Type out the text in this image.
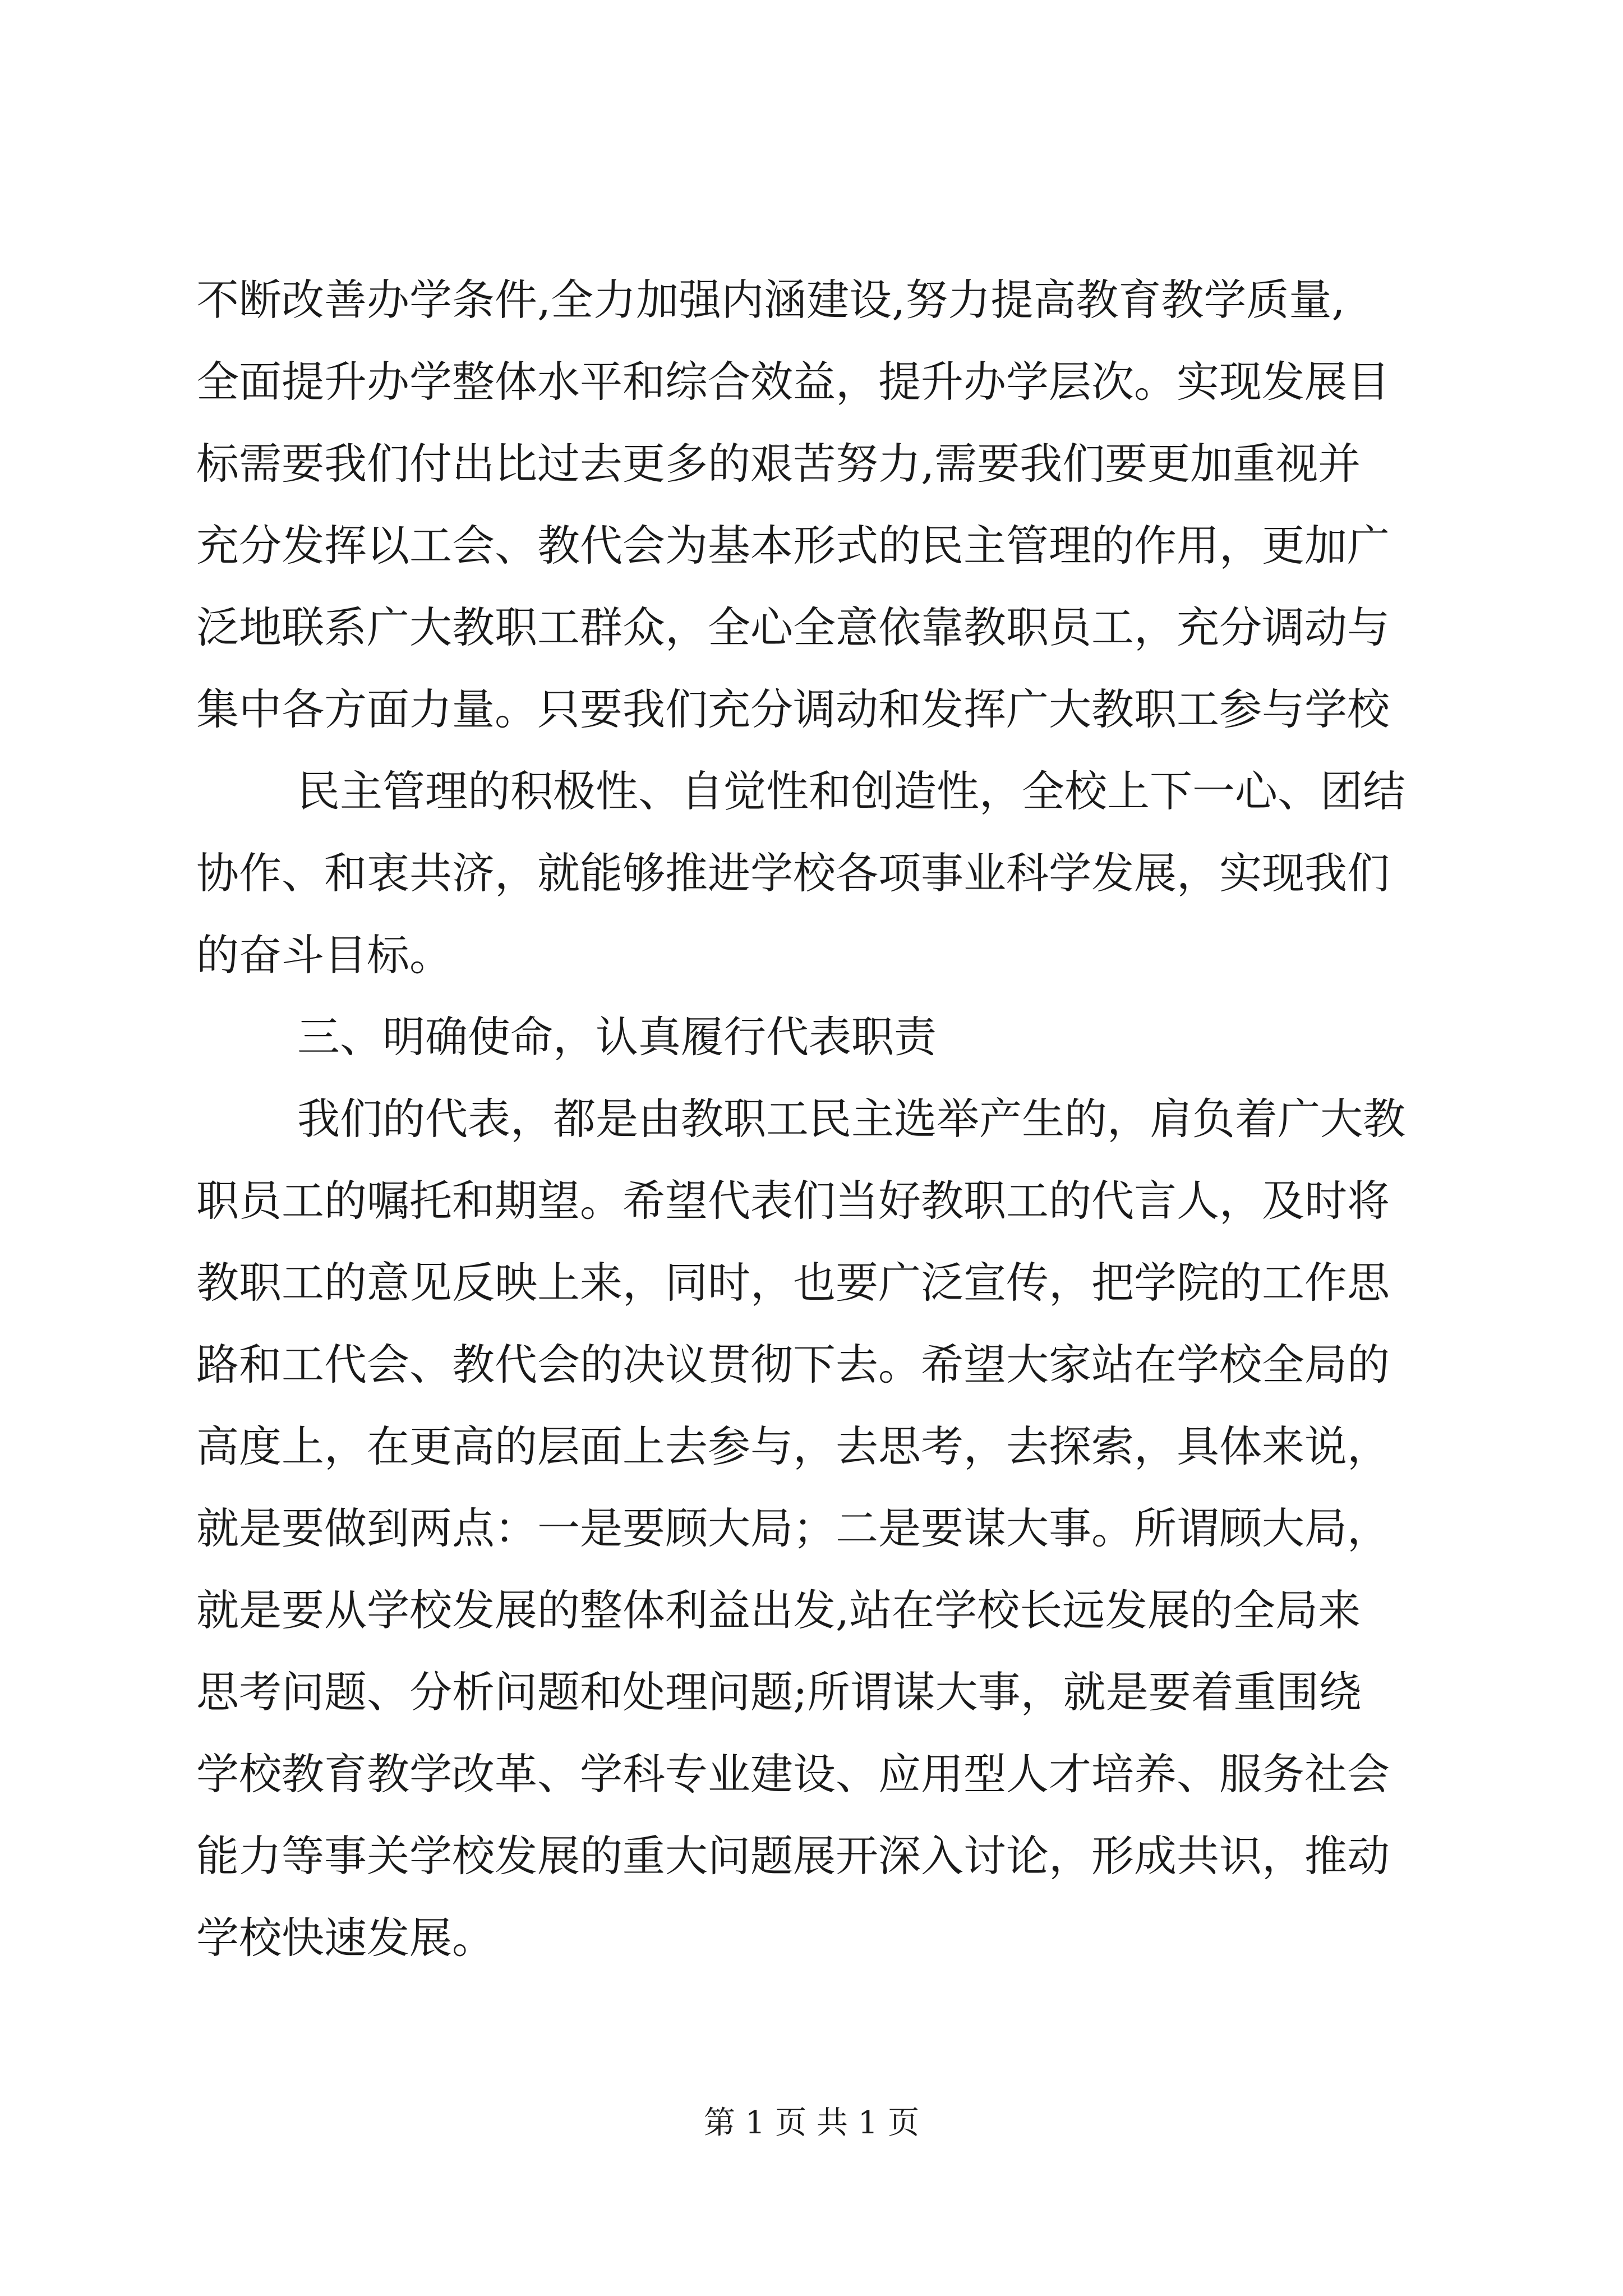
不断改善办学条件,全力加强内涵建设,努力提高教育教学质量,
全面提升办学整体水平和综合效益，提升办学层次。实现发展目
标需要我们付出比过去更多的艰苦努力,需要我们要更加重视并
充分发挥以工会、教代会为基本形式的民主管理的作用，更加广
泛地联系广大教职工群众，全心全意依靠教职员工，充分调动与
集中各方面力量。只要我们充分调动和发挥广大教职工参与学校
民主管理的积极性、自觉性和创造性，全校上下一心、团结
协作、和衷共济，就能够推进学校各项事业科学发展，实现我们
的奋斗目标。
三、明确使命，认真履行代表职责
我们的代表，都是由教职工民主选举产生的，肩负着广大教
职员工的嘱托和期望。希望代表们当好教职工的代言人，及时将
教职工的意见反映上来，同时，也要广泛宣传，把学院的工作思
路和工代会、教代会的决议贯彻下去。希望大家站在学校全局的
高度上，在更高的层面上去参与，去思考，去探索，具体来说，
就是要做到两点：一是要顾大局；二是要谋大事。所谓顾大局，
就是要从学校发展的整体利益出发,站在学校长远发展的全局来
思考问题、分析问题和处理问题;所谓谋大事，就是要着重围绕
学校教育教学改革、学科专业建设、应用型人才培养、服务社会
能力等事关学校发展的重大问题展开深入讨论，形成共识，推动
学校快速发展。
第 1 页 共 1 页
